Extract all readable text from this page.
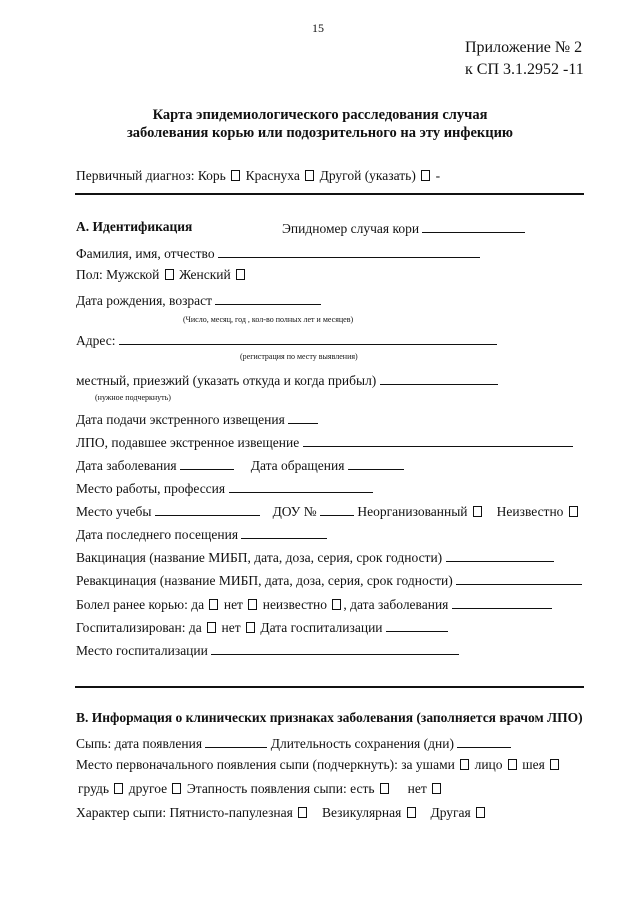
15
Приложение № 2
к СП 3.1.2952 -11
Карта эпидемиологического расследования случая
заболевания корью или подозрительного на эту инфекцию
Первичный диагноз: Корь Краснуха Другой (указать) -
А. Идентификация	Эпидномер случая кори
Фамилия, имя, отчество
Пол: Мужской Женский
Дата рождения, возраст
(Число, месяц, год , кол-во полных лет и месяцев)
Адрес:
(регистрация по месту выявления)
местный, приезжий (указать откуда и когда прибыл)
(нужное подчеркнуть)
Дата подачи экстренного извещения
ЛПО, подавшее экстренное извещение
Дата заболевания	Дата обращения
Место работы, профессия
Место учебы	ДОУ №	Неорганизованный Неизвестно
Дата последнего посещения
Вакцинация (название МИБП, дата, доза, серия, срок годности)
Ревакцинация (название МИБП, дата, доза, серия, срок годности)
Болел ранее корью: да нет неизвестно , дата заболевания
Госпитализирован: да нет Дата госпитализации
Место госпитализации
В. Информация о клинических признаках заболевания (заполняется врачом ЛПО)
Сыпь: дата появления	Длительность сохранения (дни)
Место первоначального появления сыпи (подчеркнуть): за ушами лицо шея
грудь другое Этапность появления сыпи: есть нет
Характер сыпи: Пятнисто-папулезная Везикулярная Другая
